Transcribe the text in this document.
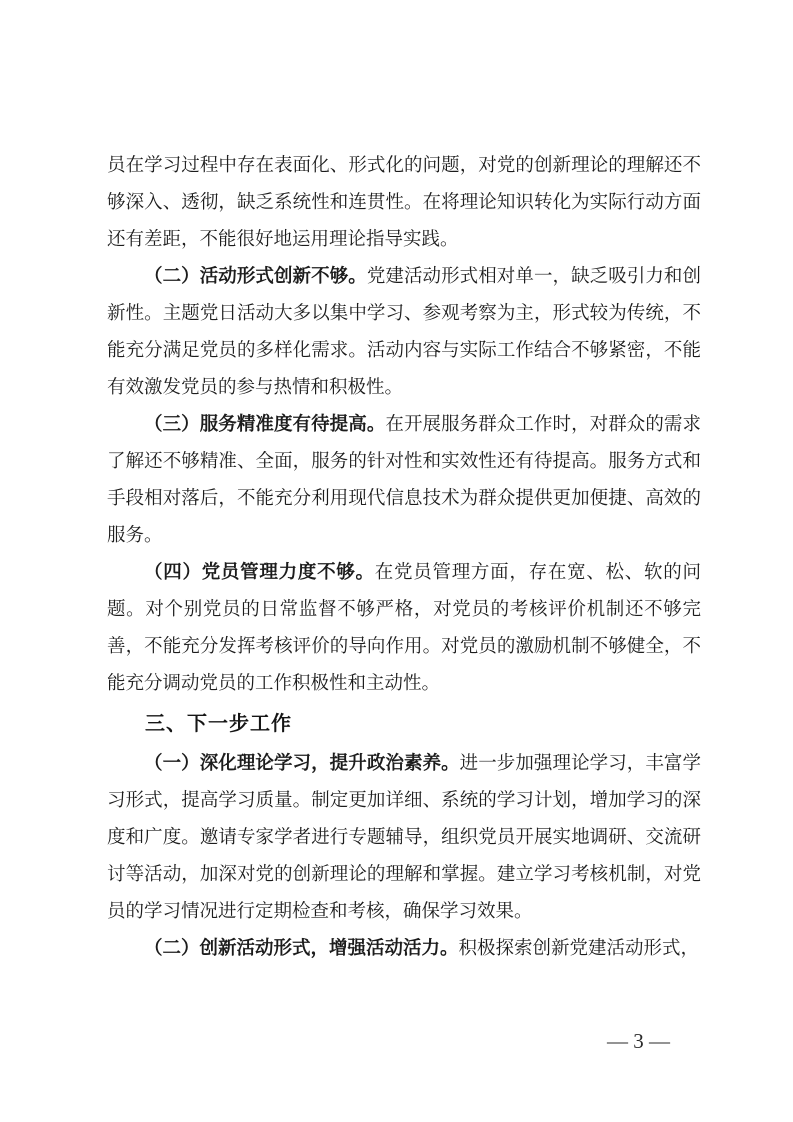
员在学习过程中存在表面化、形式化的问题，对党的创新理论的理解还不够深入、透彻，缺乏系统性和连贯性。在将理论知识转化为实际行动方面还有差距，不能很好地运用理论指导实践。

（二）活动形式创新不够。党建活动形式相对单一，缺乏吸引力和创新性。主题党日活动大多以集中学习、参观考察为主，形式较为传统，不能充分满足党员的多样化需求。活动内容与实际工作结合不够紧密，不能有效激发党员的参与热情和积极性。

（三）服务精准度有待提高。在开展服务群众工作时，对群众的需求了解还不够精准、全面，服务的针对性和实效性还有待提高。服务方式和手段相对落后，不能充分利用现代信息技术为群众提供更加便捷、高效的服务。

（四）党员管理力度不够。在党员管理方面，存在宽、松、软的问题。对个别党员的日常监督不够严格，对党员的考核评价机制还不够完善，不能充分发挥考核评价的导向作用。对党员的激励机制不够健全，不能充分调动党员的工作积极性和主动性。

三、下一步工作

（一）深化理论学习，提升政治素养。进一步加强理论学习，丰富学习形式，提高学习质量。制定更加详细、系统的学习计划，增加学习的深度和广度。邀请专家学者进行专题辅导，组织党员开展实地调研、交流研讨等活动，加深对党的创新理论的理解和掌握。建立学习考核机制，对党员的学习情况进行定期检查和考核，确保学习效果。

（二）创新活动形式，增强活动活力。积极探索创新党建活动形式，

— 3 —
